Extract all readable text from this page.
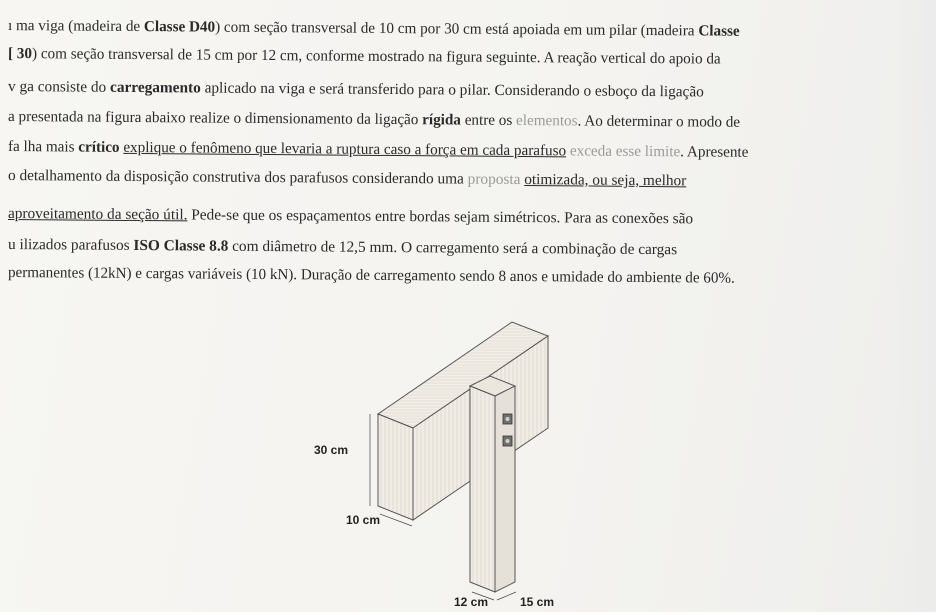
ı ma viga (madeira de Classe D40) com seção transversal de 10 cm por 30 cm está apoiada em um pilar (madeira Classe
[ 30) com seção transversal de 15 cm por 12 cm, conforme mostrado na figura seguinte. A reação vertical do apoio da
v ga consiste do carregamento aplicado na viga e será transferido para o pilar. Considerando o esboço da ligação
a presentada na figura abaixo realize o dimensionamento da ligação rígida entre os elementos. Ao determinar o modo de
fa lha mais crítico explique o fenômeno que levaria a ruptura caso a força em cada parafuso exceda esse limite. Apresente
o detalhamento da disposição construtiva dos parafusos considerando uma proposta otimizada, ou seja, melhor
aproveitamento da seção útil. Pede-se que os espaçamentos entre bordas sejam simétricos. Para as conexões são
u ilizados parafusos ISO Classe 8.8 com diâmetro de 12,5 mm. O carregamento será a combinação de cargas
permanentes (12kN) e cargas variáveis (10 kN). Duração de carregamento sendo 8 anos e umidade do ambiente de 60%.
30 cm
10 cm
12 cm	15 cm
